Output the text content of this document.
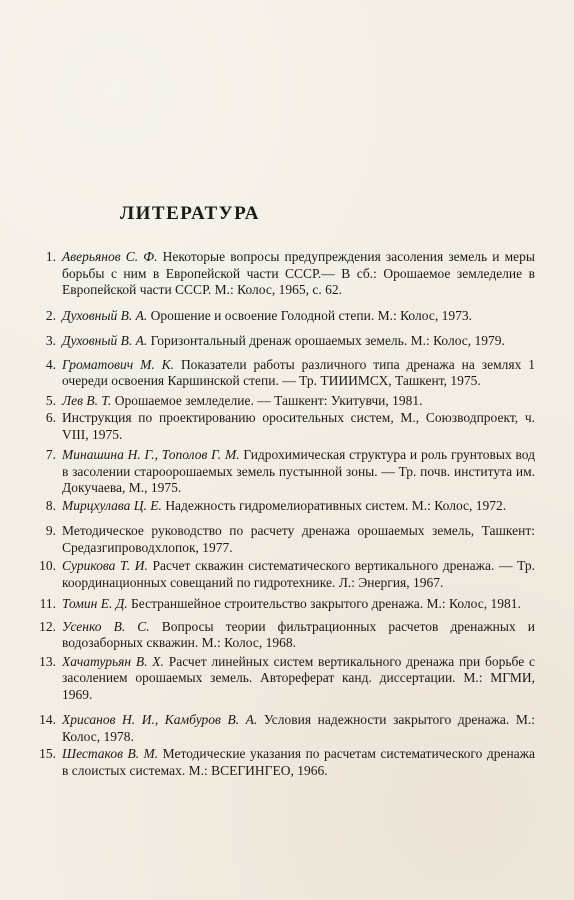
ЛИТЕРАТУРА
1. Аверьянов С. Ф. Некоторые вопросы предупреждения засоления земель и меры борьбы с ним в Европейской части СССР.— В сб.: Орошаемое земледелие в Европейской части СССР. М.: Колос, 1965, с. 62.
2. Духовный В. А. Орошение и освоение Голодной степи. М.: Колос, 1973.
3. Духовный В. А. Горизонтальный дренаж орошаемых земель. М.: Колос, 1979.
4. Громатович М. К. Показатели работы различного типа дренажа на землях 1 очереди освоения Каршинской степи. — Тр. ТИИИМСХ, Ташкент, 1975.
5. Лев В. Т. Орошаемое земледелие. — Ташкент: Укитувчи, 1981.
6. Инструкция по проектированию оросительных систем, М., Союзводпроект, ч. VIII, 1975.
7. Минашина Н. Г., Тополов Г. М. Гидрохимическая структура и роль грунтовых вод в засолении староорошаемых земель пустынной зоны. — Тр. почв. института им. Докучаева, М., 1975.
8. Мирцхулава Ц. Е. Надежность гидромелиоративных систем. М.: Колос, 1972.
9. Методическое руководство по расчету дренажа орошаемых земель, Ташкент: Средазгипроводхлопок, 1977.
10. Сурикова Т. И. Расчет скважин систематического вертикального дренажа. — Тр. координационных совещаний по гидротехнике. Л.: Энергия, 1967.
11. Томин Е. Д. Бестраншейное строительство закрытого дренажа. М.: Колос, 1981.
12. Усенко В. С. Вопросы теории фильтрационных расчетов дренажных и водозаборных скважин. М.: Колос, 1968.
13. Хачатурьян В. Х. Расчет линейных систем вертикального дренажа при борьбе с засолением орошаемых земель. Автореферат канд. диссертации. М.: МГМИ, 1969.
14. Хрисанов Н. И., Камбуров В. А. Условия надежности закрытого дренажа. М.: Колос, 1978.
15. Шестаков В. М. Методические указания по расчетам систематического дренажа в слоистых системах. М.: ВСЕГИНГЕО, 1966.
